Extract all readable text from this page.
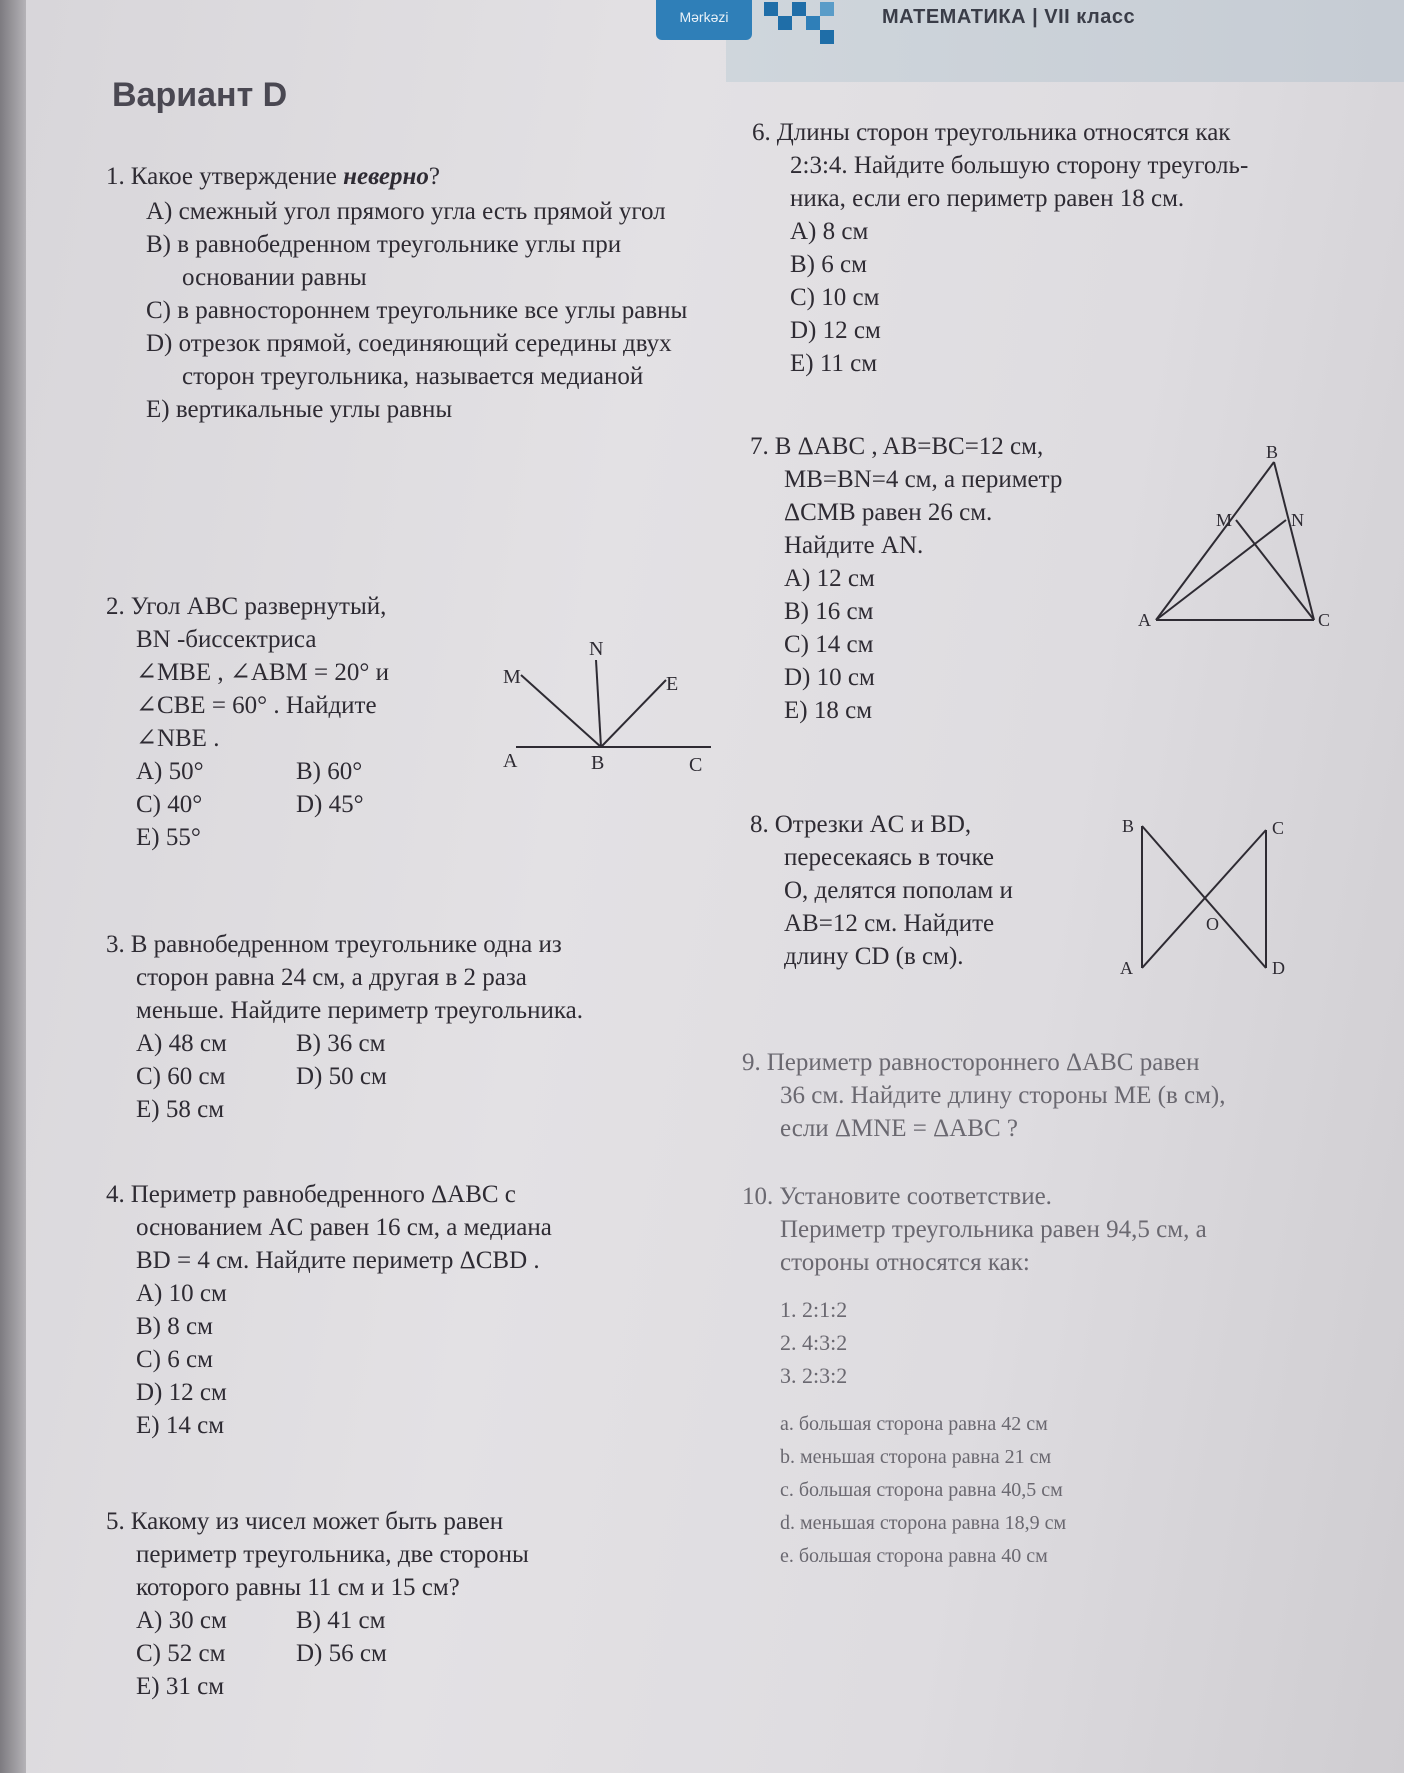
Mərkəzi	МАТЕМАТИКА | VII класс
Вариант D
1. Какое утверждение неверно?
A) смежный угол прямого угла есть прямой угол
B) в равнобедренном треугольнике углы при основании равны
C) в равностороннем треугольнике все углы равны
D) отрезок прямой, соединяющий середины двух сторон треугольника, называется медианой
E) вертикальные углы равны
2. Угол ABC развернутый,
BN -биссектриса
∠MBE , ∠ABM = 20° и
∠CBE = 60° . Найдите
∠NBE .
A) 50°	B) 60°
C) 40°	D) 45°
E) 55°
N
M	E
A	B	C
3. В равнобедренном треугольнике одна из
сторон равна 24 см, а другая в 2 раза
меньше. Найдите периметр треугольника.
A) 48 см	B) 36 см
C) 60 см	D) 50 см
E) 58 см
4. Периметр равнобедренного ΔABC с
основанием AC равен 16 см, а медиана
BD = 4 см. Найдите периметр ΔCBD .
A) 10 см
B) 8 см
C) 6 см
D) 12 см
E) 14 см
5. Какому из чисел может быть равен
периметр треугольника, две стороны
которого равны 11 см и 15 см?
A) 30 см	B) 41 см
C) 52 см	D) 56 см
E) 31 см
6. Длины сторон треугольника относятся как
2:3:4. Найдите большую сторону треуголь-
ника, если его периметр равен 18 см.
A) 8 см
B) 6 см
C) 10 см
D) 12 см
E) 11 см
7. В ΔABC , AB=BC=12 см,
MB=BN=4 см, а периметр
ΔCMB равен 26 см.
Найдите AN.
A) 12 см
B) 16 см
C) 14 см
D) 10 см
E) 18 см
B
M	N
A	C
8. Отрезки AC и BD,
пересекаясь в точке
O, делятся пополам и
AB=12 см. Найдите
длину CD (в см).
B	C
O
A	D
9. Периметр равностороннего ΔABC равен
36 см. Найдите длину стороны ME (в см),
если ΔMNE = ΔABC ?
10. Установите соответствие.
Периметр треугольника равен 94,5 см, а
стороны относятся как:
1. 2:1:2
2. 4:3:2
3. 2:3:2
a. большая сторона равна 42 см
b. меньшая сторона равна 21 см
c. большая сторона равна 40,5 см
d. меньшая сторона равна 18,9 см
e. большая сторона равна 40 см
